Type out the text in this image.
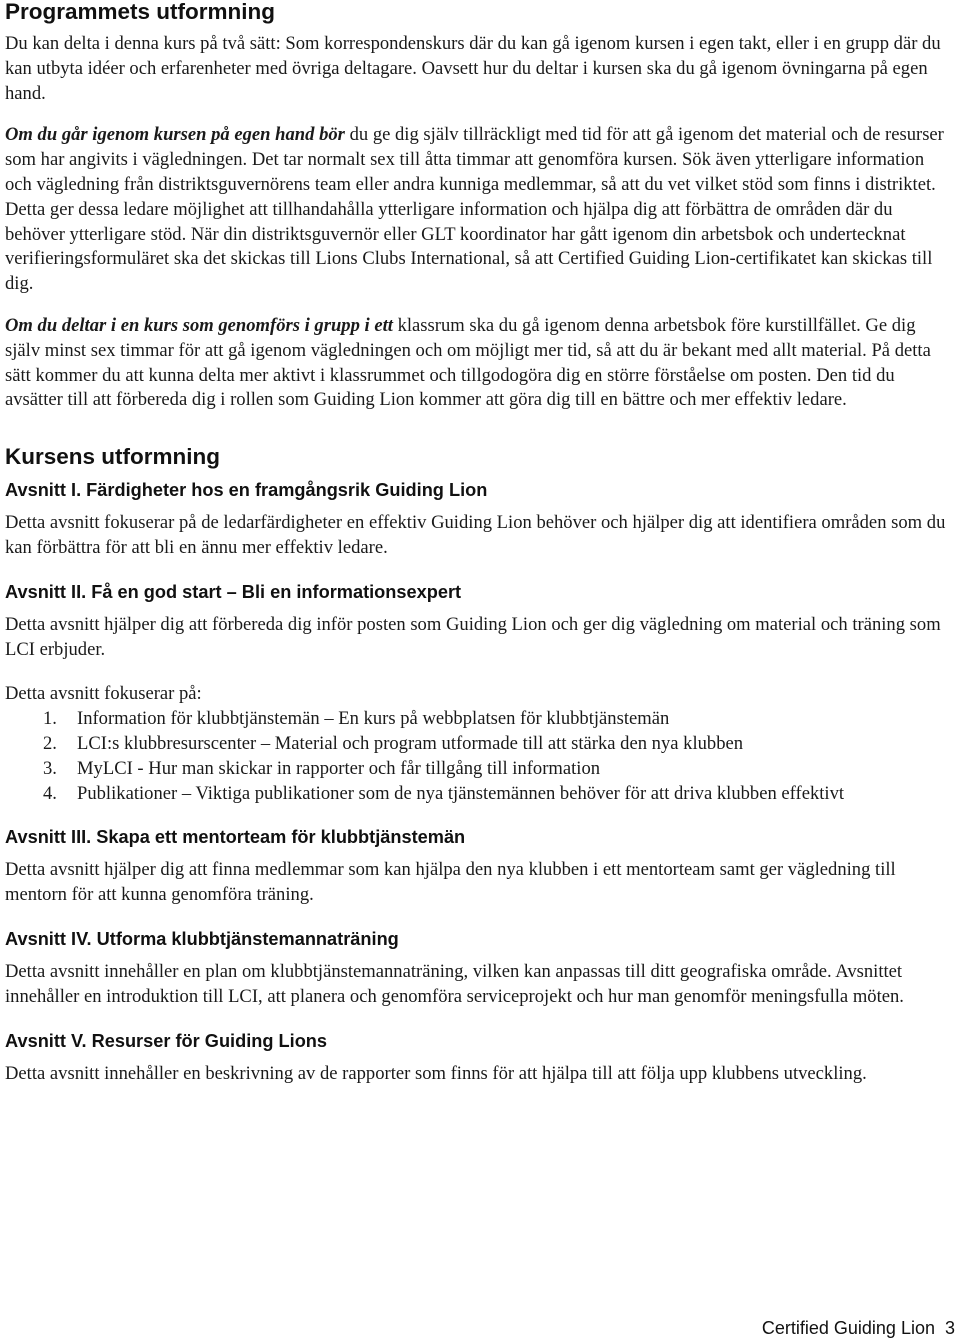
Programmets utformning

Du kan delta i denna kurs på två sätt: Som korrespondenskurs där du kan gå igenom kursen i egen takt, eller i en grupp där du kan utbyta idéer och erfarenheter med övriga deltagare. Oavsett hur du deltar i kursen ska du gå igenom övningarna på egen hand.

Om du går igenom kursen på egen hand bör du ge dig själv tillräckligt med tid för att gå igenom det material och de resurser som har angivits i vägledningen. Det tar normalt sex till åtta timmar att genomföra kursen. Sök även ytterligare information och vägledning från distriktsguvernörens team eller andra kunniga medlemmar, så att du vet vilket stöd som finns i distriktet. Detta ger dessa ledare möjlighet att tillhandahålla ytterligare information och hjälpa dig att förbättra de områden där du behöver ytterligare stöd. När din distriktsguvernör eller GLT koordinator har gått igenom din arbetsbok och undertecknat verifieringsformuläret ska det skickas till Lions Clubs International, så att Certified Guiding Lion-certifikatet kan skickas till dig.

Om du deltar i en kurs som genomförs i grupp i ett klassrum ska du gå igenom denna arbetsbok före kurstillfället. Ge dig själv minst sex timmar för att gå igenom vägledningen och om möjligt mer tid, så att du är bekant med allt material. På detta sätt kommer du att kunna delta mer aktivt i klassrummet och tillgodogöra dig en större förståelse om posten. Den tid du avsätter till att förbereda dig i rollen som Guiding Lion kommer att göra dig till en bättre och mer effektiv ledare.

Kursens utformning
Avsnitt I. Färdigheter hos en framgångsrik Guiding Lion

Detta avsnitt fokuserar på de ledarfärdigheter en effektiv Guiding Lion behöver och hjälper dig att identifiera områden som du kan förbättra för att bli en ännu mer effektiv ledare.

Avsnitt II. Få en god start – Bli en informationsexpert

Detta avsnitt hjälper dig att förbereda dig inför posten som Guiding Lion och ger dig vägledning om material och träning som LCI erbjuder.

Detta avsnitt fokuserar på:

1.	Information för klubbtjänstemän – En kurs på webbplatsen för klubbtjänstemän
2.	LCI:s klubbresurscenter – Material och program utformade till att stärka den nya klubben
3.	MyLCI - Hur man skickar in rapporter och får tillgång till information
4.	Publikationer – Viktiga publikationer som de nya tjänstemännen behöver för att driva klubben effektivt
Avsnitt III. Skapa ett mentorteam för klubbtjänstemän

Detta avsnitt hjälper dig att finna medlemmar som kan hjälpa den nya klubben i ett mentorteam samt ger vägledning till mentorn för att kunna genomföra träning.

Avsnitt IV. Utforma klubbtjänstemannaträning

Detta avsnitt innehåller en plan om klubbtjänstemannaträning, vilken kan anpassas till ditt geografiska område. Avsnittet innehåller en introduktion till LCI, att planera och genomföra serviceprojekt och hur man genomför meningsfulla möten.

Avsnitt V. Resurser för Guiding Lions

Detta avsnitt innehåller en beskrivning av de rapporter som finns för att hjälpa till att följa upp klubbens utveckling.

Certified Guiding Lion 3
